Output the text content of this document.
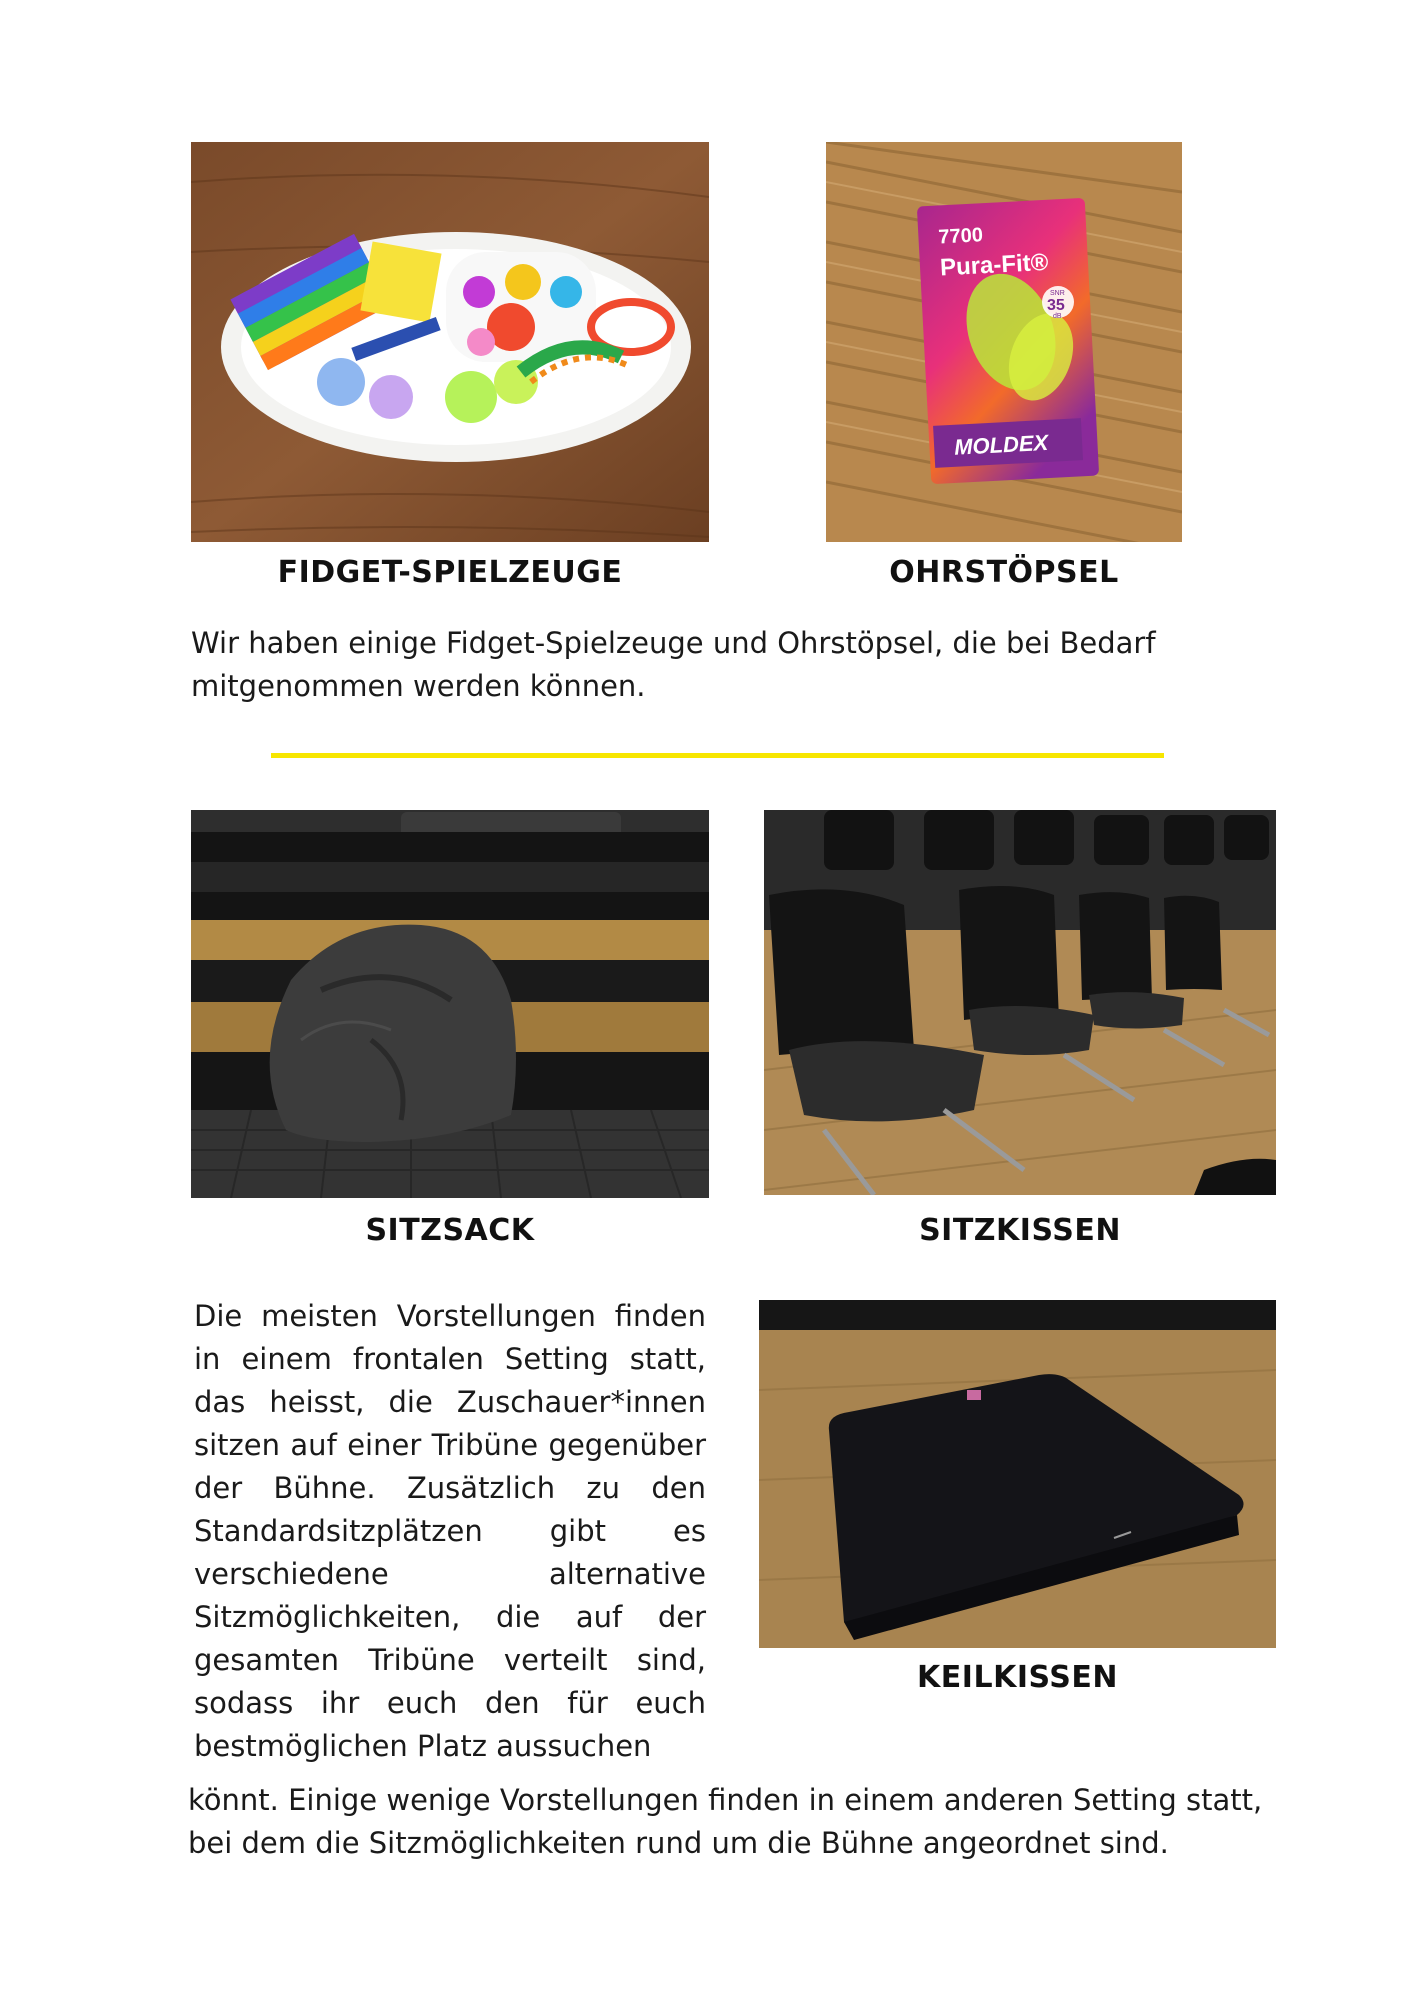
7700
Pura-Fit®
SNR
35
dB
MOLDEX
FIDGET-SPIELZEUGE	OHRSTÖPSEL
Wir haben einige Fidget-Spielzeuge und Ohrstöpsel, die bei Bedarf mitgenommen werden können.
SITZSACK	SITZKISSEN
Die meisten Vorstellungen finden in einem frontalen Setting statt, das heisst, die Zuschauer*innen sitzen auf einer Tribüne gegenüber der Bühne. Zusätzlich zu den Standardsitzplätzen gibt es verschiedene alternative Sitzmöglichkeiten, die auf der gesamten Tribüne verteilt sind, sodass ihr euch den für euch bestmöglichen Platz aussuchen
KEILKISSEN
könnt. Einige wenige Vorstellungen finden in einem anderen Setting statt, bei dem die Sitzmöglichkeiten rund um die Bühne angeordnet sind.
